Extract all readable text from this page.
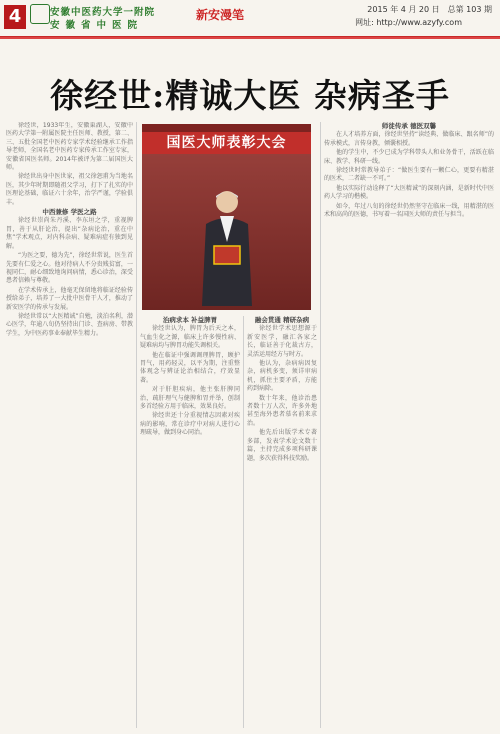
4	安徽中医药大学一附院
安徽省中医院
新安漫笔	2015 年 4 月 20 日　总第 103 期
网址: http://www.azyfy.com
徐经世:精诚大医 杂病圣手

徐经世，1933年生，安徽巢湖人，安徽中医药大学第一附属医院主任医师、教授，第二、三、五批全国老中医药专家学术经验继承工作指导老师，全国名老中医药专家传承工作室专家，安徽省国医名师。2014年被评为第二届国医大师。

徐经世出身中医世家，祖父徐恕甫为当地名医，其少年时期即随祖父学习，打下了扎实的中医理论基础，临证六十余年，治学严谨，学验俱丰。

中西兼修 学医之路

徐经世崇尚朱丹溪、李东垣之学，重视脾胃，善于从肝论治，提出“杂病论治，重在中焦”学术观点，对内科杂病、疑难病症有独到见解。

“为医之要，德为先”，徐经世常说，医生首先要有仁爱之心。他对待病人不分贵贱贫富，一视同仁，耐心细致地询问病情，悉心诊治，深受患者信赖与尊敬。

在学术传承上，他毫无保留地将临证经验传授给弟子，培养了一大批中医骨干人才，推动了新安医学的传承与发展。

徐经世常以“大医精诚”自勉，淡泊名利，潜心医学，年逾八旬仍坚持出门诊、查病房、带教学生，为中医药事业奉献毕生精力。

治病求本 补益脾胃

徐经世认为，脾胃为后天之本，气血生化之源，临床上许多慢性病、疑难病均与脾胃功能失调相关。

他在临证中强调调理脾胃，顾护胃气，用药轻灵，以平为期，注重整体观念与辨证论治相结合，疗效显著。

对于肝胆疾病，他主张肝脾同治，疏肝理气与健脾和胃并举，创制多首经验方用于临床，效果良好。

徐经世还十分重视情志因素对疾病的影响，常在诊疗中对病人进行心理疏导，做到身心同治。

融会贯通 精研杂病

徐经世学术思想源于新安医学，融汇各家之长，临证善于化裁古方，灵活运用经方与时方。

他认为，杂病病因复杂，病机多变，须详审病机，抓住主要矛盾，方能药到病除。

数十年来，他诊治患者数十万人次，许多外地甚至海外患者慕名前来求治。

他先后出版学术专著多部，发表学术论文数十篇，主持完成多项科研课题，多次获得科技奖励。

师徒传承 德医双馨

在人才培养方面，徐经世坚持“读经典、做临床、跟名师”的传承模式，言传身教，倾囊相授。

他的学生中，不少已成为学科带头人和业务骨干，活跃在临床、教学、科研一线。

徐经世时常教导弟子：“做医生要有一颗仁心，更要有精湛的医术，二者缺一不可。”

他以实际行动诠释了“大医精诚”的深刻内涵，是新时代中医药人学习的楷模。

如今，年过八旬的徐经世仍然坚守在临床一线，用精湛的医术和高尚的医德，书写着一名国医大师的责任与担当。

国医大师表彰大会
